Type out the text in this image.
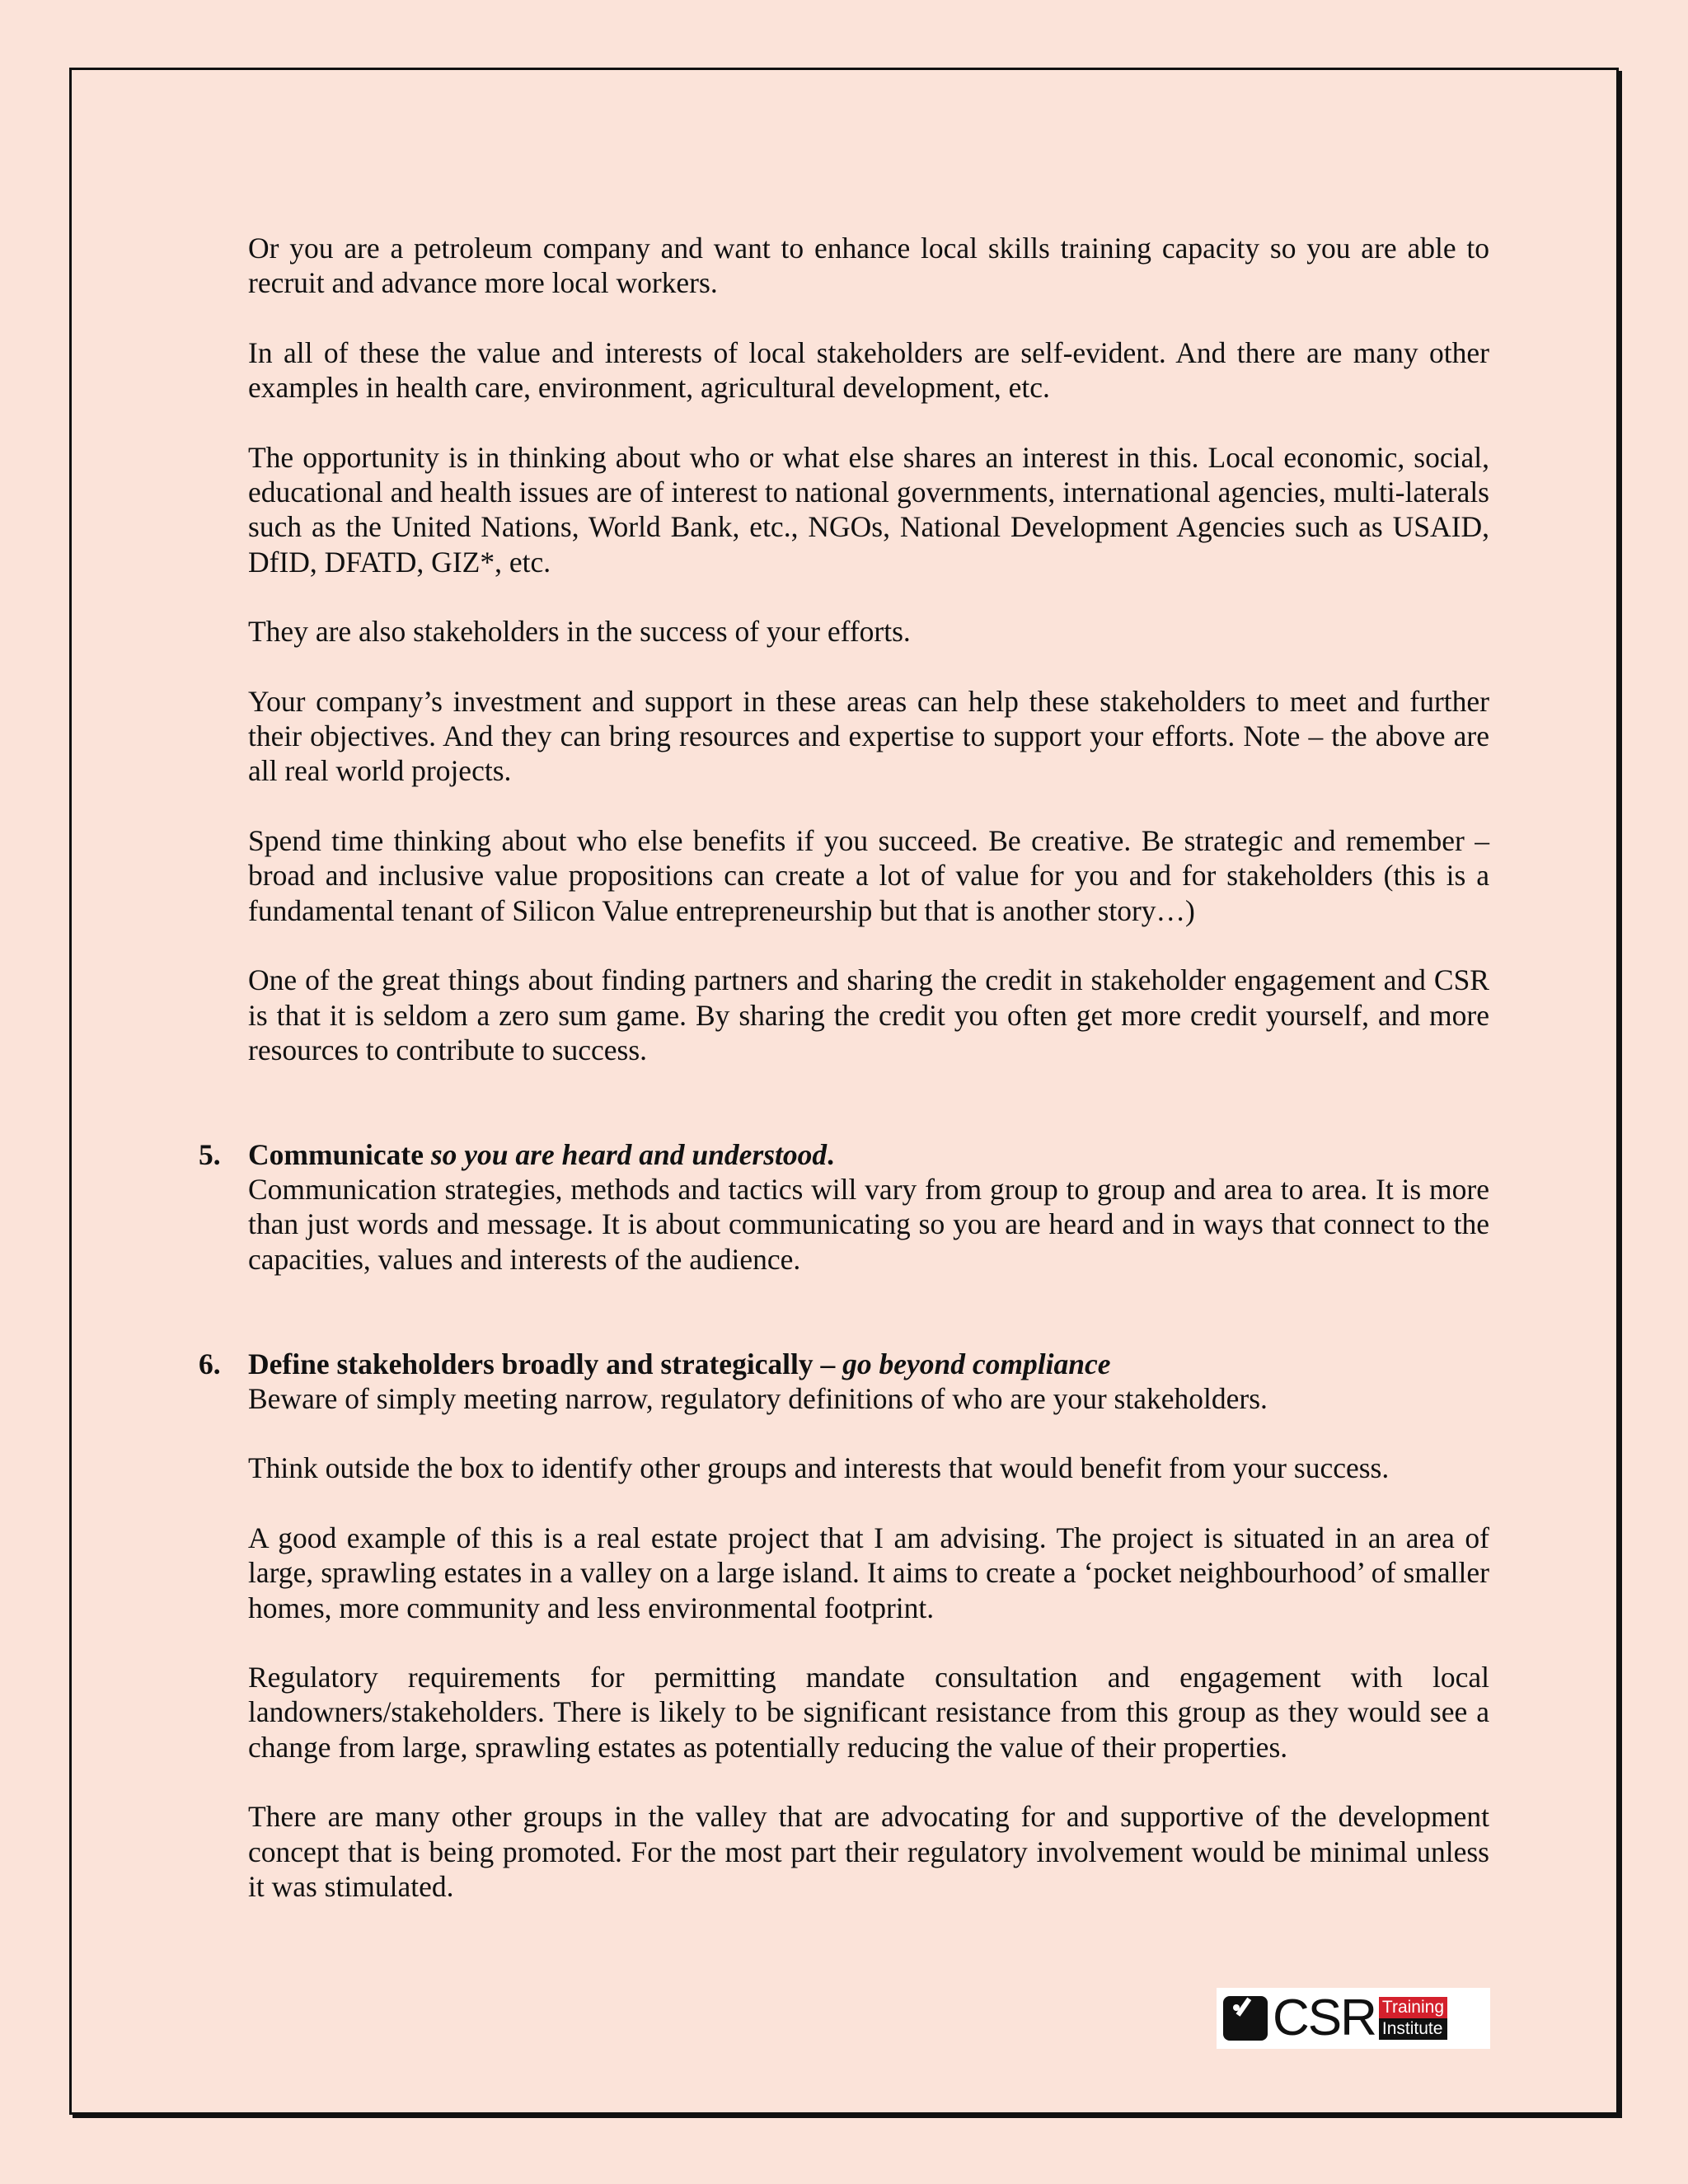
Or you are a petroleum company and want to enhance local skills training capacity so you are able to recruit and advance more local workers.

In all of these the value and interests of local stakeholders are self-evident. And there are many other examples in health care, environment, agricultural development, etc.

The opportunity is in thinking about who or what else shares an interest in this. Local economic, social, educational and health issues are of interest to national governments, international agencies, multi-laterals such as the United Nations, World Bank, etc., NGOs, National Development Agencies such as USAID, DfID, DFATD, GIZ*, etc.

They are also stakeholders in the success of your efforts.

Your company’s investment and support in these areas can help these stakeholders to meet and further their objectives. And they can bring resources and expertise to support your efforts. Note – the above are all real world projects.

Spend time thinking about who else benefits if you succeed. Be creative. Be strategic and remember – broad and inclusive value propositions can create a lot of value for you and for stakeholders (this is a fundamental tenant of Silicon Value entrepreneurship but that is another story…)

One of the great things about finding partners and sharing the credit in stakeholder engagement and CSR is that it is seldom a zero sum game. By sharing the credit you often get more credit yourself, and more resources to contribute to success.

5. Communicate so you are heard and understood.

Communication strategies, methods and tactics will vary from group to group and area to area. It is more than just words and message. It is about communicating so you are heard and in ways that connect to the capacities, values and interests of the audience.

6. Define stakeholders broadly and strategically – go beyond compliance

Beware of simply meeting narrow, regulatory definitions of who are your stakeholders.

Think outside the box to identify other groups and interests that would benefit from your success.

A good example of this is a real estate project that I am advising. The project is situated in an area of large, sprawling estates in a valley on a large island. It aims to create a ‘pocket neighbourhood’ of smaller homes, more community and less environmental footprint.

Regulatory requirements for permitting mandate consultation and engagement with local landowners/stakeholders. There is likely to be significant resistance from this group as they would see a change from large, sprawling estates as potentially reducing the value of their properties.

There are many other groups in the valley that are advocating for and supportive of the development concept that is being promoted. For the most part their regulatory involvement would be minimal unless it was stimulated.

CSR Training
Institute
